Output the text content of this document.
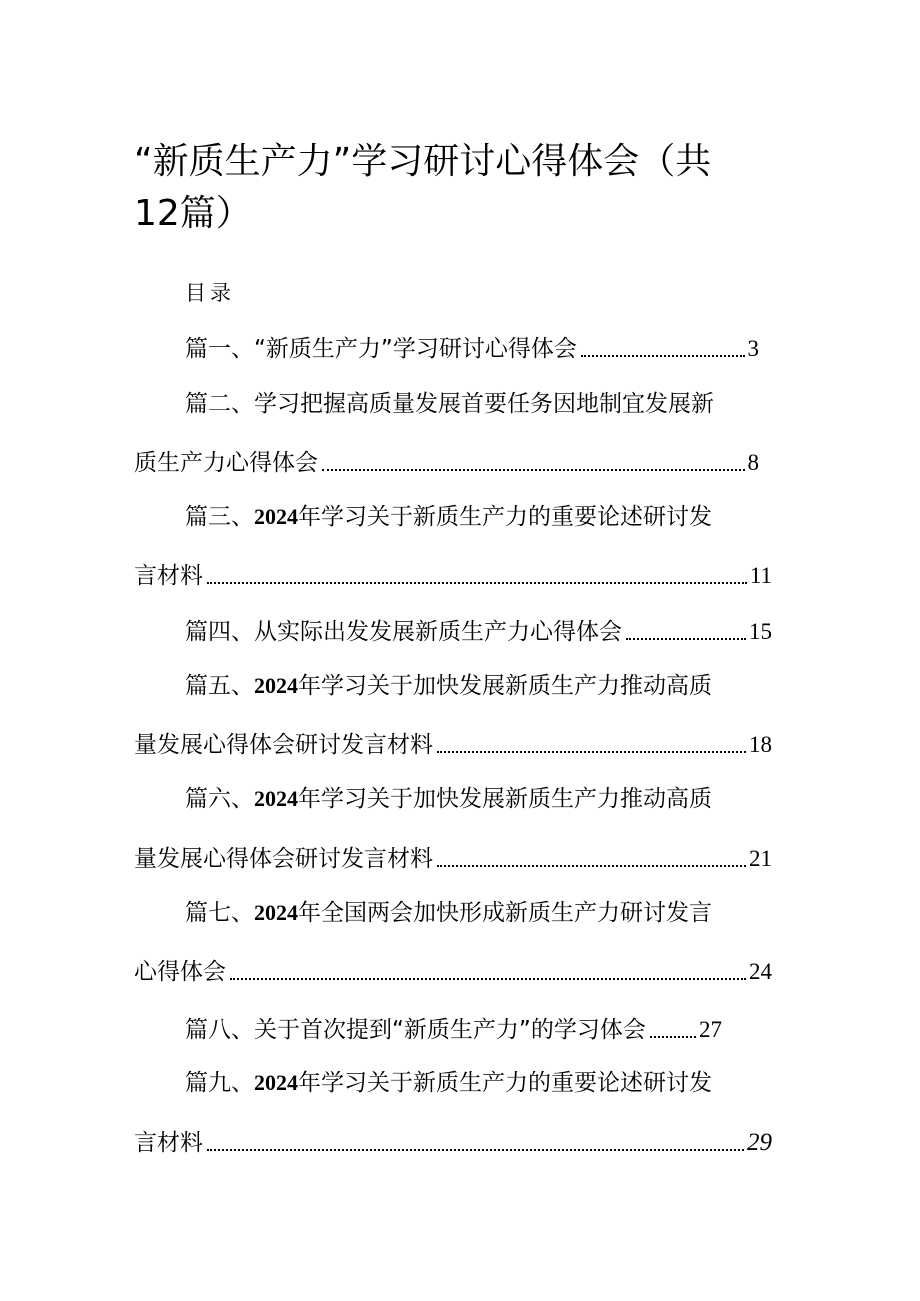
“新质生产力”学习研讨心得体会（共12篇）
目录
篇一、“新质生产力”学习研讨心得体会	3
篇二、学习把握高质量发展首要任务因地制宜发展新
质生产力心得体会	8
篇三、2024年学习关于新质生产力的重要论述研讨发
言材料	11
篇四、从实际出发发展新质生产力心得体会	15
篇五、2024年学习关于加快发展新质生产力推动高质
量发展心得体会研讨发言材料	18
篇六、2024年学习关于加快发展新质生产力推动高质
量发展心得体会研讨发言材料	21
篇七、2024年全国两会加快形成新质生产力研讨发言
心得体会	24
篇八、关于首次提到“新质生产力”的学习体会 27
篇九、2024年学习关于新质生产力的重要论述研讨发
言材料	29
